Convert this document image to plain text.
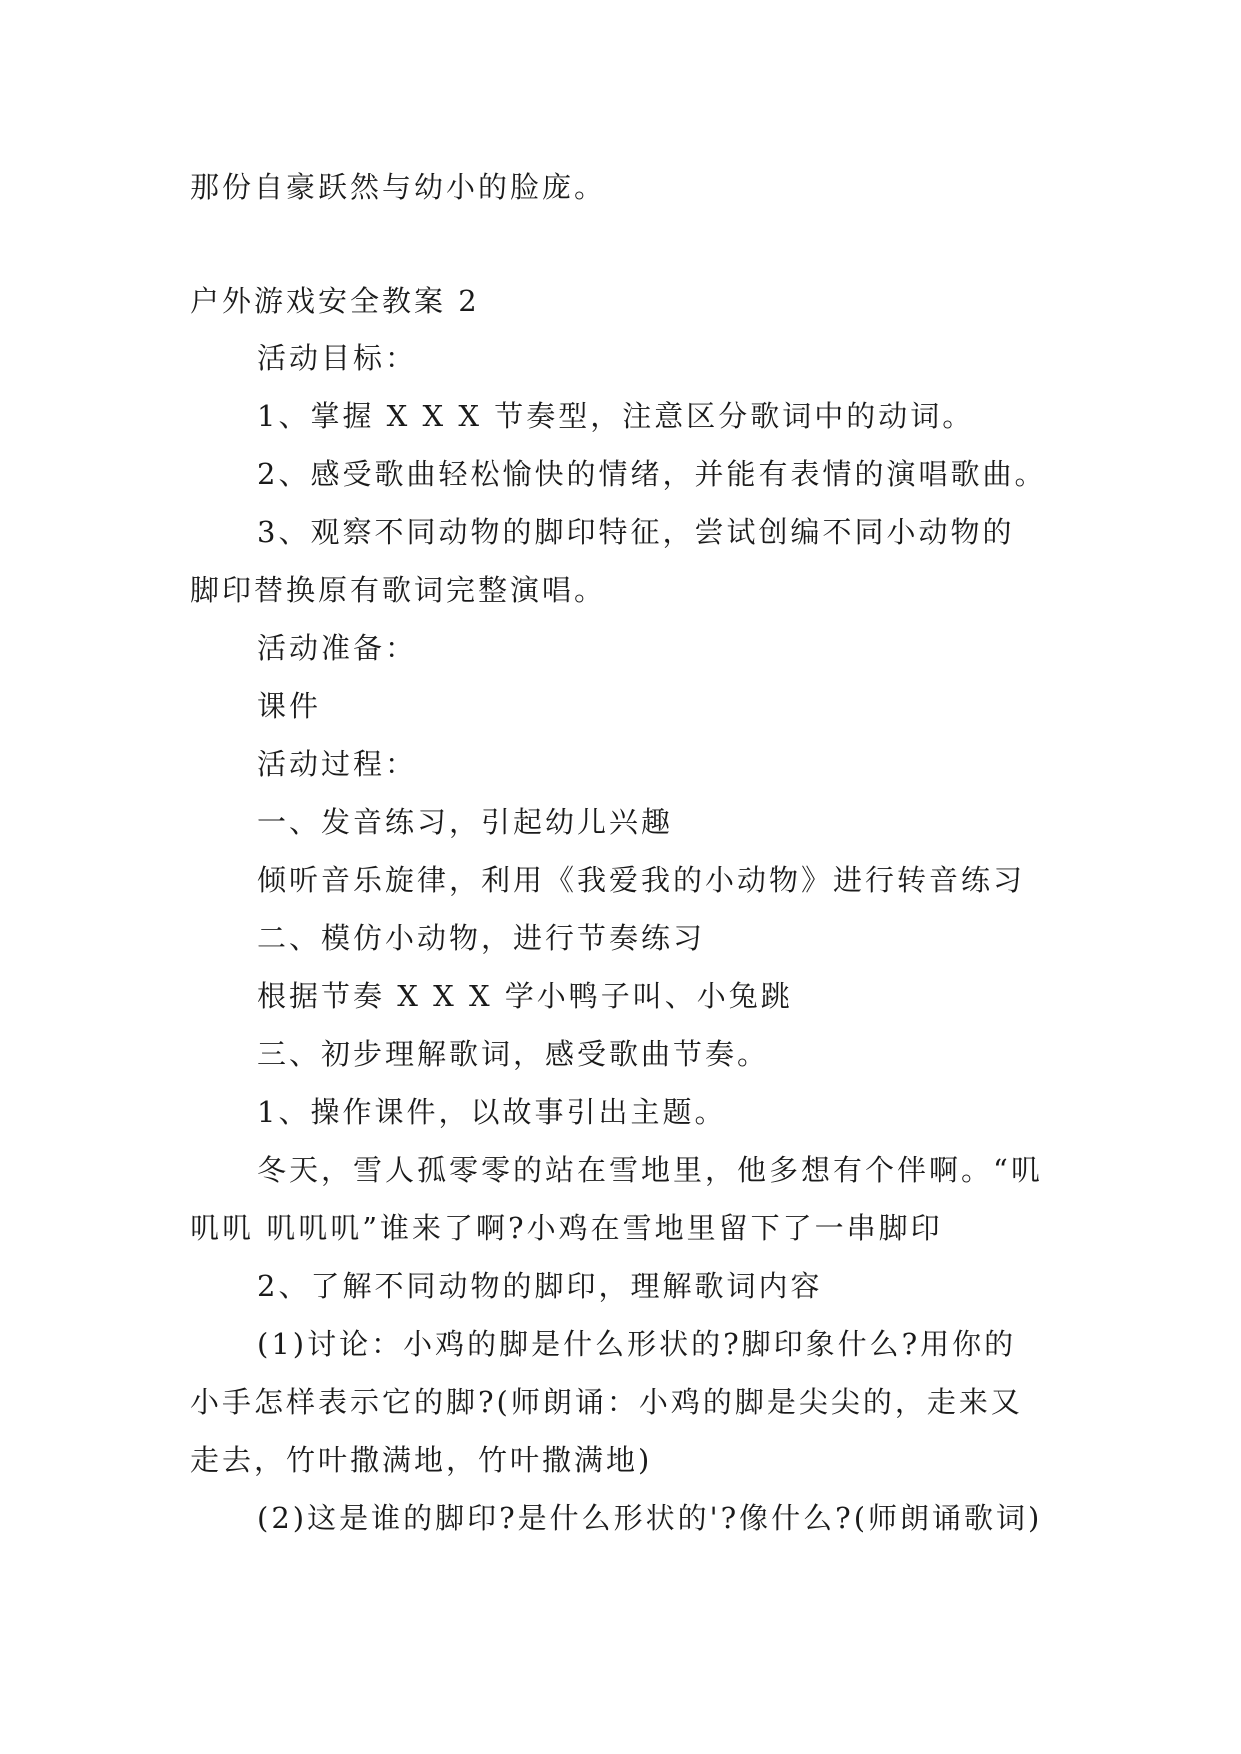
那份自豪跃然与幼小的脸庞。
户外游戏安全教案 2
活动目标：
1、掌握 X X X 节奏型，注意区分歌词中的动词。
2、感受歌曲轻松愉快的情绪，并能有表情的演唱歌曲。
3、观察不同动物的脚印特征，尝试创编不同小动物的
脚印替换原有歌词完整演唱。
活动准备：
课件
活动过程：
一、发音练习，引起幼儿兴趣
倾听音乐旋律，利用《我爱我的小动物》进行转音练习
二、模仿小动物，进行节奏练习
根据节奏 X X X 学小鸭子叫、小兔跳
三、初步理解歌词，感受歌曲节奏。
1、操作课件，以故事引出主题。
冬天，雪人孤零零的站在雪地里，他多想有个伴啊。“叽
叽叽 叽叽叽”谁来了啊?小鸡在雪地里留下了一串脚印
2、了解不同动物的脚印，理解歌词内容
(1)讨论：小鸡的脚是什么形状的?脚印象什么?用你的
小手怎样表示它的脚?(师朗诵：小鸡的脚是尖尖的，走来又
走去，竹叶撒满地，竹叶撒满地)
(2)这是谁的脚印?是什么形状的'?像什么?(师朗诵歌词)
